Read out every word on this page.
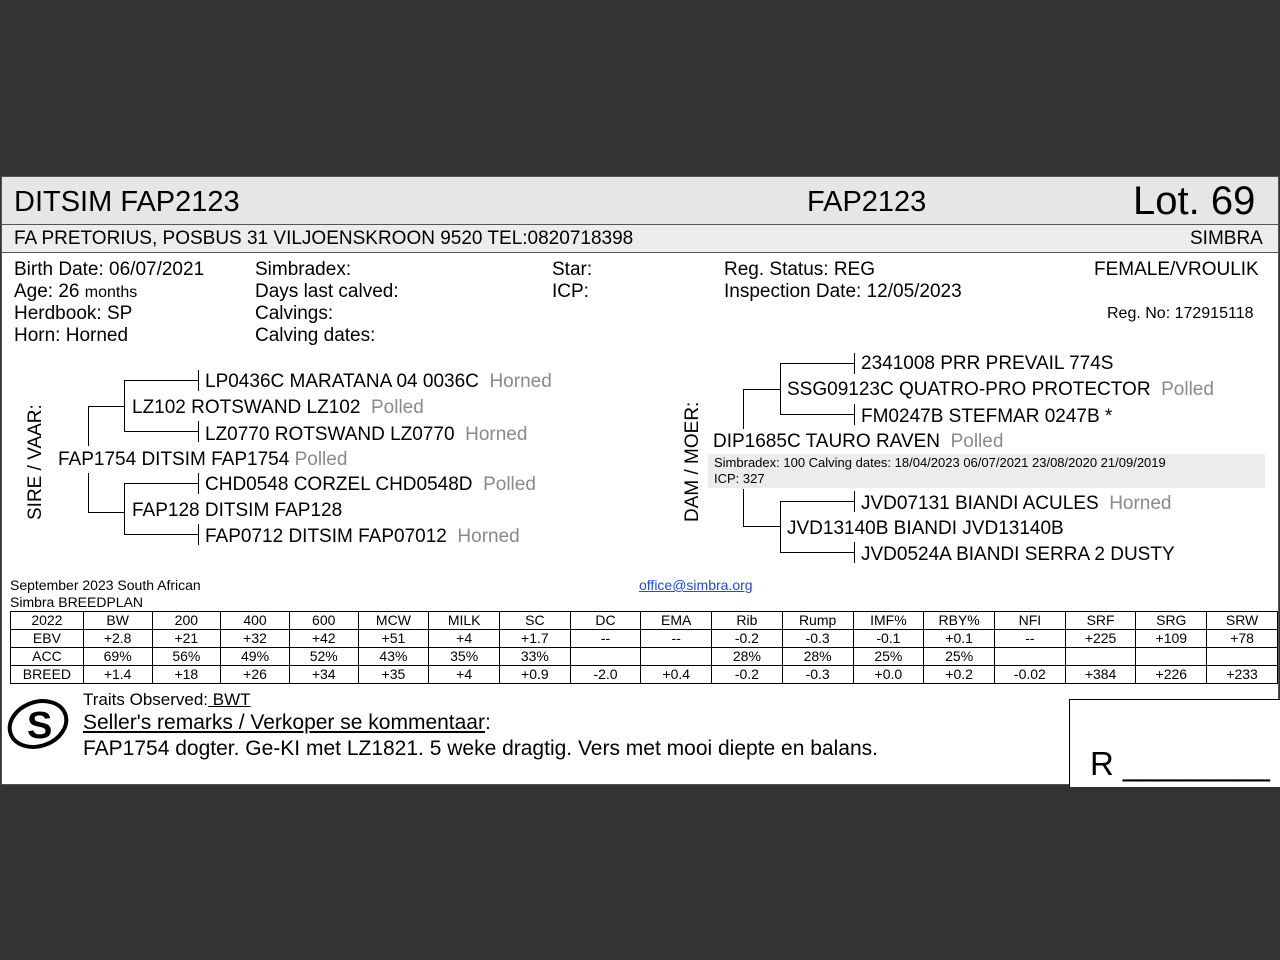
DITSIM FAP2123	FAP2123	Lot. 69
FA PRETORIUS, POSBUS 31 VILJOENSKROON 9520 TEL:0820718398	SIMBRA
Birth Date: 06/07/2021
Age: 26 months
Herdbook: SP
Horn: Horned
Simbradex:
Days last calved:
Calvings:
Calving dates:
Star:
ICP:
Reg. Status: REG
Inspection Date: 12/05/2023
FEMALE/VROULIK
Reg. No: 172915118
SIRE / VAAR:
LP0436C MARATANA 04 0036C Horned
LZ102 ROTSWAND LZ102 Polled
LZ0770 ROTSWAND LZ0770 Horned
FAP1754 DITSIM FAP1754 Polled
CHD0548 CORZEL CHD0548D Polled
FAP128 DITSIM FAP128
FAP0712 DITSIM FAP07012 Horned
DAM / MOER:
2341008 PRR PREVAIL 774S
SSG09123C QUATRO-PRO PROTECTOR Polled
FM0247B STEFMAR 0247B *
DIP1685C TAURO RAVEN Polled
Simbradex: 100 Calving dates: 18/04/2023 06/07/2021 23/08/2020 21/09/2019
ICP: 327
JVD07131 BIANDI ACULES Horned
JVD13140B BIANDI JVD13140B
JVD0524A BIANDI SERRA 2 DUSTY
September 2023 South African
Simbra BREEDPLAN
office@simbra.org
2022	BW	200	400	600	MCW	MILK	SC	DC	EMA	Rib	Rump	IMF%	RBY%	NFI	SRF	SRG	SRW
EBV	+2.8	+21	+32	+42	+51	+4	+1.7	--	--	-0.2	-0.3	-0.1	+0.1	--	+225	+109	+78
ACC	69%	56%	49%	52%	43%	35%	33%			28%	28%	25%	25%				
BREED	+1.4	+18	+26	+34	+35	+4	+0.9	-2.0	+0.4	-0.2	-0.3	+0.0	+0.2	-0.02	+384	+226	+233
S
Traits Observed: BWT
Seller's remarks / Verkoper se kommentaar:
FAP1754 dogter. Ge-KI met LZ1821. 5 weke dragtig. Vers met mooi diepte en balans.	R ________
